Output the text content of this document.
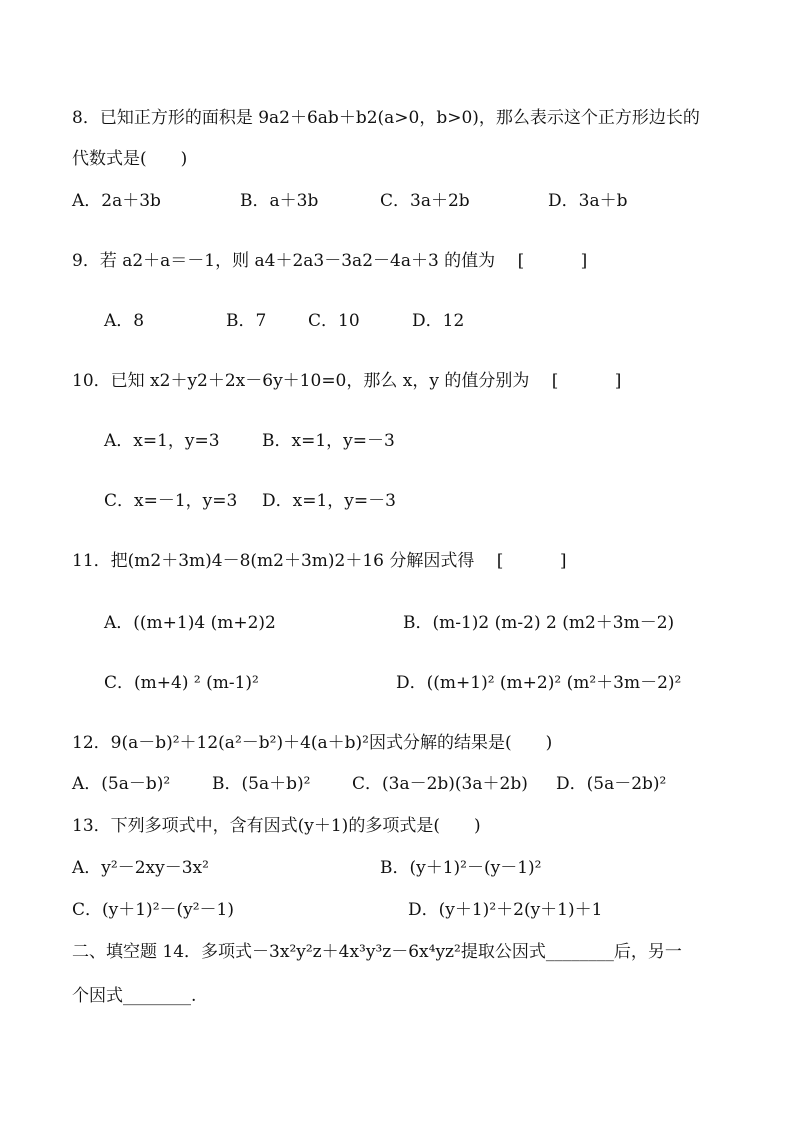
8．已知正方形的面积是 9a2＋6ab＋b2(a>0，b>0)，那么表示这个正方形边长的
代数式是(　　)
A．2a＋3b	B．a＋3b	C．3a＋2b	D．3a＋b
9．若 a2＋a＝－1，则 a4＋2a3－3a2－4a＋3 的值为　 [　　　 ]
A．8	B．7 C．10	D．12
10．已知 x2＋y2＋2x－6y＋10=0，那么 x，y 的值分别为　 [　　　 ]
A．x=1，y=3 B．x=1，y=－3
C．x=－1，y=3 D．x=1，y=－3
11．把(m2＋3m)4－8(m2＋3m)2＋16 分解因式得　 [　　　 ]
A．((m+1)4 (m+2)2	B．(m-1)2 (m-2) 2 (m2＋3m－2)
C．(m+4) ² (m-1)²	D．((m+1)² (m+2)² (m²＋3m－2)²
12．9(a－b)²＋12(a²－b²)＋4(a＋b)²因式分解的结果是(　　)
A．(5a－b)² B．(5a＋b)² C．(3a－2b)(3a＋2b) D．(5a－2b)²
13．下列多项式中，含有因式(y＋1)的多项式是(　　)
A．y²－2xy－3x²	B．(y＋1)²－(y－1)²
C．(y＋1)²－(y²－1)	D．(y＋1)²＋2(y＋1)＋1
二、填空题 14．多项式－3x²y²z＋4x³y³z－6x⁴yz²提取公因式________后，另一
个因式________.
